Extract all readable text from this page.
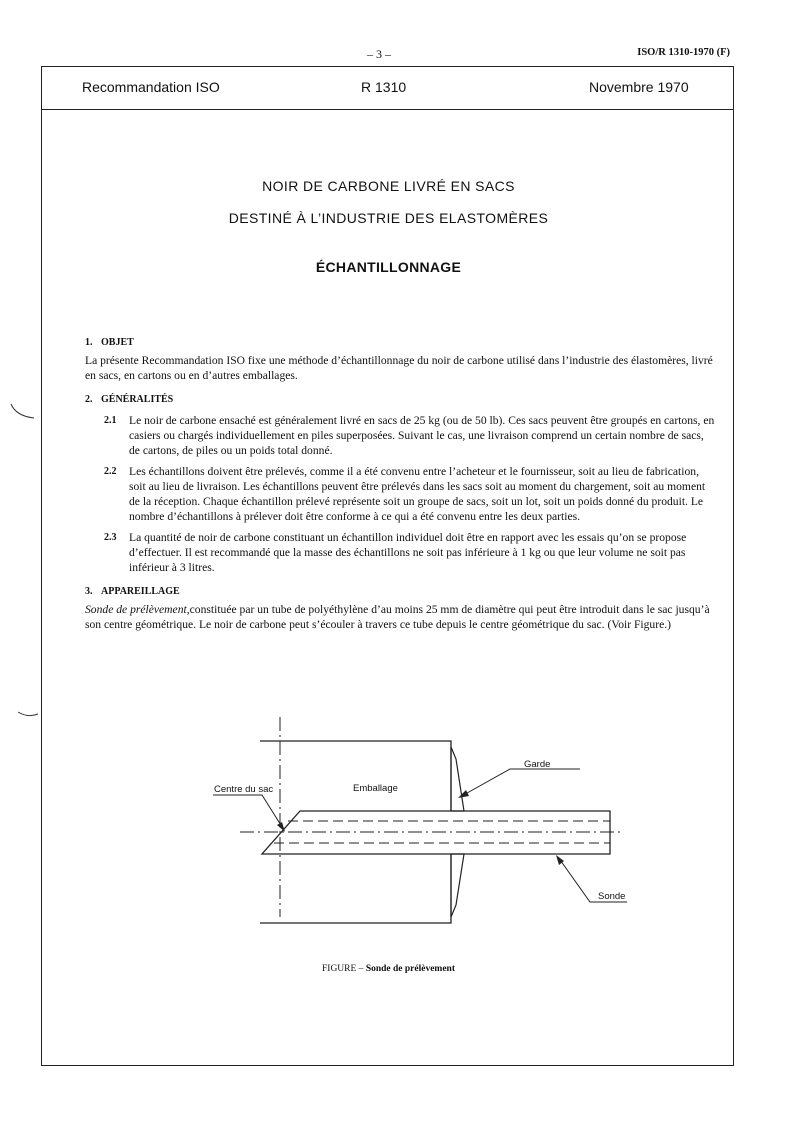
– 3 –	ISO/R 1310-1970 (F)
Recommandation ISO	R 1310	Novembre 1970
NOIR DE CARBONE LIVRÉ EN SACS
DESTINÉ À L’INDUSTRIE DES ELASTOMÈRES
ÉCHANTILLONNAGE

1. OBJET

La présente Recommandation ISO fixe une méthode d’échantillonnage du noir de carbone utilisé dans l’industrie des élastomères, livré en sacs, en cartons ou en d’autres emballages.

2. GÉNÉRALITÉS

2.1	Le noir de carbone ensaché est généralement livré en sacs de 25 kg (ou de 50 lb). Ces sacs peuvent être groupés en cartons, en casiers ou chargés individuellement en piles superposées. Suivant le cas, une livraison comprend un certain nombre de sacs, de cartons, de piles ou un poids total donné.
2.2	Les échantillons doivent être prélevés, comme il a été convenu entre l’acheteur et le fournisseur, soit au lieu de fabrication, soit au lieu de livraison. Les échantillons peuvent être prélevés dans les sacs soit au moment du chargement, soit au moment de la réception. Chaque échantillon prélevé représente soit un groupe de sacs, soit un lot, soit un poids donné du produit. Le nombre d’échantillons à prélever doit être conforme à ce qui a été convenu entre les deux parties.
2.3	La quantité de noir de carbone constituant un échantillon individuel doit être en rapport avec les essais qu’on se propose d’effectuer. Il est recommandé que la masse des échantillons ne soit pas inférieure à 1 kg ou que leur volume ne soit pas inférieur à 3 litres.

3. APPAREILLAGE

Sonde de prélèvement,constituée par un tube de polyéthylène d’au moins 25 mm de diamètre qui peut être introduit dans le sac jusqu’à son centre géométrique. Le noir de carbone peut s’écouler à travers ce tube depuis le centre géométrique du sac. (Voir Figure.)

Emballage
Garde
Centre du sac
Sonde
FIGURE – Sonde de prélèvement
